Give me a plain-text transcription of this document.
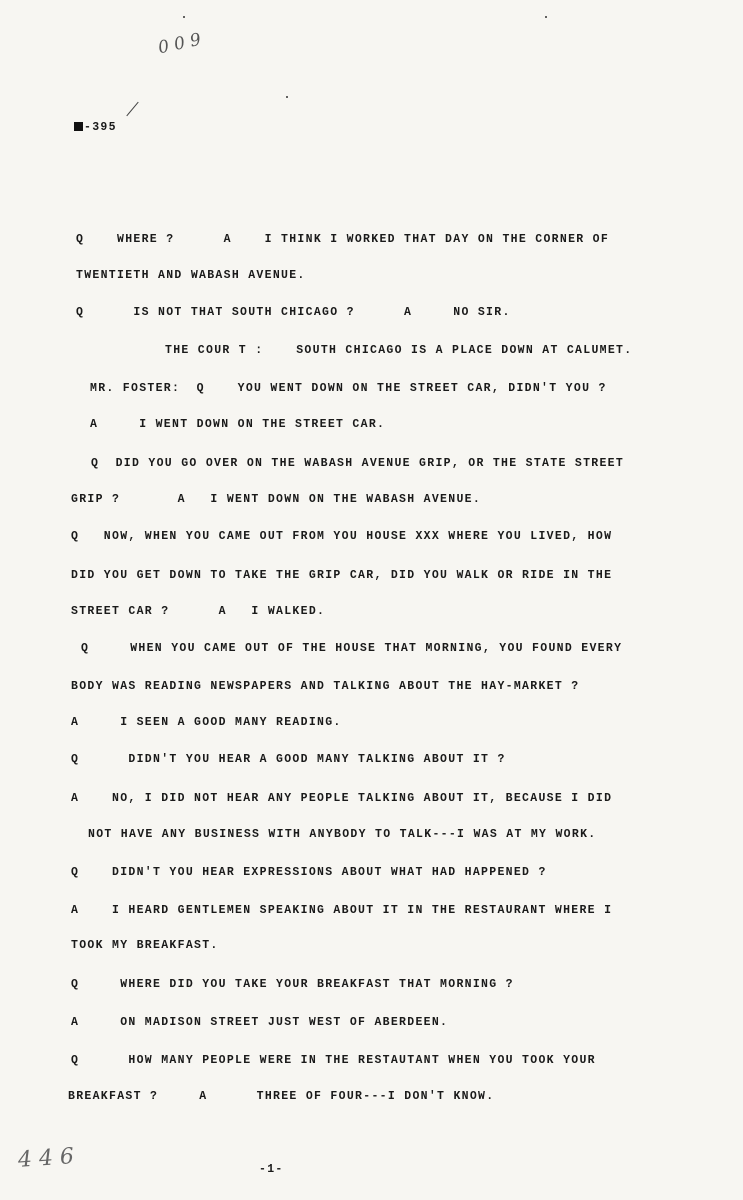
0 0 9
-395
Q    WHERE ?      A    I THINK I WORKED THAT DAY ON THE CORNER OF
TWENTIETH AND WABASH AVENUE.
Q      IS NOT THAT SOUTH CHICAGO ?      A     NO SIR.
THE COUR T :    SOUTH CHICAGO IS A PLACE DOWN AT CALUMET.
MR. FOSTER:  Q    YOU WENT DOWN ON THE STREET CAR, DIDN'T YOU ?
A     I WENT DOWN ON THE STREET CAR.
Q  DID YOU GO OVER ON THE WABASH AVENUE GRIP, OR THE STATE STREET
GRIP ?       A   I WENT DOWN ON THE WABASH AVENUE.
Q   NOW, WHEN YOU CAME OUT FROM YOU HOUSE XXX WHERE YOU LIVED, HOW
DID YOU GET DOWN TO TAKE THE GRIP CAR, DID YOU WALK OR RIDE IN THE
STREET CAR ?      A   I WALKED.
Q     WHEN YOU CAME OUT OF THE HOUSE THAT MORNING, YOU FOUND EVERY
BODY WAS READING NEWSPAPERS AND TALKING ABOUT THE HAY-MARKET ?
A     I SEEN A GOOD MANY READING.
Q      DIDN'T YOU HEAR A GOOD MANY TALKING ABOUT IT ?
A    NO, I DID NOT HEAR ANY PEOPLE TALKING ABOUT IT, BECAUSE I DID
NOT HAVE ANY BUSINESS WITH ANYBODY TO TALK---I WAS AT MY WORK.
Q    DIDN'T YOU HEAR EXPRESSIONS ABOUT WHAT HAD HAPPENED ?
A    I HEARD GENTLEMEN SPEAKING ABOUT IT IN THE RESTAURANT WHERE I
TOOK MY BREAKFAST.
Q     WHERE DID YOU TAKE YOUR BREAKFAST THAT MORNING ?
A     ON MADISON STREET JUST WEST OF ABERDEEN.
Q      HOW MANY PEOPLE WERE IN THE RESTAUTANT WHEN YOU TOOK YOUR
BREAKFAST ?     A      THREE OF FOUR---I DON'T KNOW.
4 4 6	-1-
